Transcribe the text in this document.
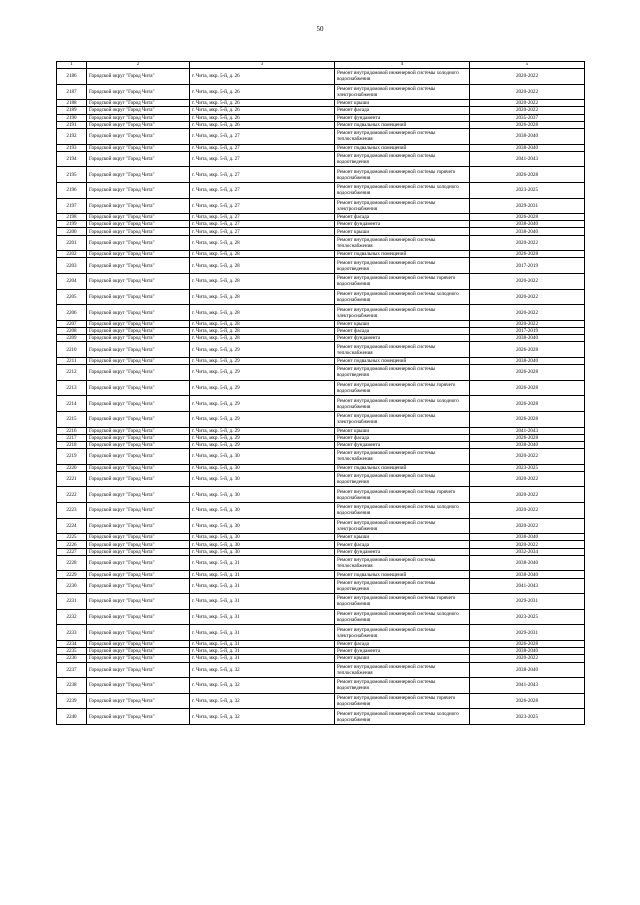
50
1	2	3	4	5
2186	Городской округ "Город Чита"	г. Чита, мкр. 5-й, д. 26	Ремонт внутридомовой инженерной системы холодного водоснабжения	2020-2022
2187	Городской округ "Город Чита"	г. Чита, мкр. 5-й, д. 26	Ремонт внутридомовой инженерной системы электроснабжения	2020-2022
2188	Городской округ "Город Чита"	г. Чита, мкр. 5-й, д. 26	Ремонт крыши	2020-2022
2189	Городской округ "Город Чита"	г. Чита, мкр. 5-й, д. 26	Ремонт фасада	2020-2022
2190	Городской округ "Город Чита"	г. Чита, мкр. 5-й, д. 26	Ремонт фундамента	2035-2037
2191	Городской округ "Город Чита"	г. Чита, мкр. 5-й, д. 26	Ремонт подвальных помещений	2026-2028
2192	Городской округ "Город Чита"	г. Чита, мкр. 5-й, д. 27	Ремонт внутридомовой инженерной системы теплоснабжения	2038-2040
2193	Городской округ "Город Чита"	г. Чита, мкр. 5-й, д. 27	Ремонт подвальных помещений	2038-2040
2194	Городской округ "Город Чита"	г. Чита, мкр. 5-й, д. 27	Ремонт внутридомовой инженерной системы водоотведения	2041-2043
2195	Городской округ "Город Чита"	г. Чита, мкр. 5-й, д. 27	Ремонт внутридомовой инженерной системы горячего водоснабжения	2026-2028
2196	Городской округ "Город Чита"	г. Чита, мкр. 5-й, д. 27	Ремонт внутридомовой инженерной системы холодного водоснабжения	2023-2025
2197	Городской округ "Город Чита"	г. Чита, мкр. 5-й, д. 27	Ремонт внутридомовой инженерной системы электроснабжения	2029-2031
2198	Городской округ "Город Чита"	г. Чита, мкр. 5-й, д. 27	Ремонт фасада	2026-2028
2199	Городской округ "Город Чита"	г. Чита, мкр. 5-й, д. 27	Ремонт фундамента	2038-2040
2200	Городской округ "Город Чита"	г. Чита, мкр. 5-й, д. 27	Ремонт крыши	2038-2040
2201	Городской округ "Город Чита"	г. Чита, мкр. 5-й, д. 28	Ремонт внутридомовой инженерной системы теплоснабжения	2020-2022
2202	Городской округ "Город Чита"	г. Чита, мкр. 5-й, д. 28	Ремонт подвальных помещений	2026-2028
2203	Городской округ "Город Чита"	г. Чита, мкр. 5-й, д. 28	Ремонт внутридомовой инженерной системы водоотведения	2017-2019
2204	Городской округ "Город Чита"	г. Чита, мкр. 5-й, д. 28	Ремонт внутридомовой инженерной системы горячего водоснабжения	2020-2022
2205	Городской округ "Город Чита"	г. Чита, мкр. 5-й, д. 28	Ремонт внутридомовой инженерной системы холодного водоснабжения	2020-2022
2206	Городской округ "Город Чита"	г. Чита, мкр. 5-й, д. 28	Ремонт внутридомовой инженерной системы электроснабжения	2020-2022
2207	Городской округ "Город Чита"	г. Чита, мкр. 5-й, д. 28	Ремонт крыши	2020-2022
2208	Городской округ "Город Чита"	г. Чита, мкр. 5-й, д. 28	Ремонт фасада	2017-2019
2209	Городской округ "Город Чита"	г. Чита, мкр. 5-й, д. 28	Ремонт фундамента	2038-2040
2210	Городской округ "Город Чита"	г. Чита, мкр. 5-й, д. 29	Ремонт внутридомовой инженерной системы теплоснабжения	2026-2028
2211	Городской округ "Город Чита"	г. Чита, мкр. 5-й, д. 29	Ремонт подвальных помещений	2038-2040
2212	Городской округ "Город Чита"	г. Чита, мкр. 5-й, д. 29	Ремонт внутридомовой инженерной системы водоотведения	2026-2028
2213	Городской округ "Город Чита"	г. Чита, мкр. 5-й, д. 29	Ремонт внутридомовой инженерной системы горячего водоснабжения	2026-2028
2214	Городской округ "Город Чита"	г. Чита, мкр. 5-й, д. 29	Ремонт внутридомовой инженерной системы холодного водоснабжения	2026-2028
2215	Городской округ "Город Чита"	г. Чита, мкр. 5-й, д. 29	Ремонт внутридомовой инженерной системы электроснабжения	2026-2028
2216	Городской округ "Город Чита"	г. Чита, мкр. 5-й, д. 29	Ремонт крыши	2041-2043
2217	Городской округ "Город Чита"	г. Чита, мкр. 5-й, д. 29	Ремонт фасада	2026-2028
2218	Городской округ "Город Чита"	г. Чита, мкр. 5-й, д. 29	Ремонт фундамента	2038-2040
2219	Городской округ "Город Чита"	г. Чита, мкр. 5-й, д. 30	Ремонт внутридомовой инженерной системы теплоснабжения	2020-2022
2220	Городской округ "Город Чита"	г. Чита, мкр. 5-й, д. 30	Ремонт подвальных помещений	2023-2025
2221	Городской округ "Город Чита"	г. Чита, мкр. 5-й, д. 30	Ремонт внутридомовой инженерной системы водоотведения	2020-2022
2222	Городской округ "Город Чита"	г. Чита, мкр. 5-й, д. 30	Ремонт внутридомовой инженерной системы горячего водоснабжения	2020-2022
2223	Городской округ "Город Чита"	г. Чита, мкр. 5-й, д. 30	Ремонт внутридомовой инженерной системы холодного водоснабжения	2020-2022
2224	Городской округ "Город Чита"	г. Чита, мкр. 5-й, д. 30	Ремонт внутридомовой инженерной системы электроснабжения	2020-2022
2225	Городской округ "Город Чита"	г. Чита, мкр. 5-й, д. 30	Ремонт крыши	2038-2040
2226	Городской округ "Город Чита"	г. Чита, мкр. 5-й, д. 30	Ремонт фасада	2020-2022
2227	Городской округ "Город Чита"	г. Чита, мкр. 5-й, д. 30	Ремонт фундамента	2032-2034
2228	Городской округ "Город Чита"	г. Чита, мкр. 5-й, д. 31	Ремонт внутридомовой инженерной системы теплоснабжения	2038-2040
2229	Городской округ "Город Чита"	г. Чита, мкр. 5-й, д. 31	Ремонт подвальных помещений	2038-2040
2230	Городской округ "Город Чита"	г. Чита, мкр. 5-й, д. 31	Ремонт внутридомовой инженерной системы водоотведения	2041-2043
2231	Городской округ "Город Чита"	г. Чита, мкр. 5-й, д. 31	Ремонт внутридомовой инженерной системы горячего водоснабжения	2029-2031
2232	Городской округ "Город Чита"	г. Чита, мкр. 5-й, д. 31	Ремонт внутридомовой инженерной системы холодного водоснабжения	2023-2025
2233	Городской округ "Город Чита"	г. Чита, мкр. 5-й, д. 31	Ремонт внутридомовой инженерной системы электроснабжения	2029-2031
2234	Городской округ "Город Чита"	г. Чита, мкр. 5-й, д. 31	Ремонт фасада	2026-2028
2235	Городской округ "Город Чита"	г. Чита, мкр. 5-й, д. 31	Ремонт фундамента	2038-2040
2236	Городской округ "Город Чита"	г. Чита, мкр. 5-й, д. 31	Ремонт крыши	2020-2022
2237	Городской округ "Город Чита"	г. Чита, мкр. 5-й, д. 32	Ремонт внутридомовой инженерной системы теплоснабжения	2038-2040
2238	Городской округ "Город Чита"	г. Чита, мкр. 5-й, д. 32	Ремонт внутридомовой инженерной системы водоотведения	2041-2043
2239	Городской округ "Город Чита"	г. Чита, мкр. 5-й, д. 32	Ремонт внутридомовой инженерной системы горячего водоснабжения	2026-2028
2240	Городской округ "Город Чита"	г. Чита, мкр. 5-й, д. 32	Ремонт внутридомовой инженерной системы холодного водоснабжения	2023-2025
